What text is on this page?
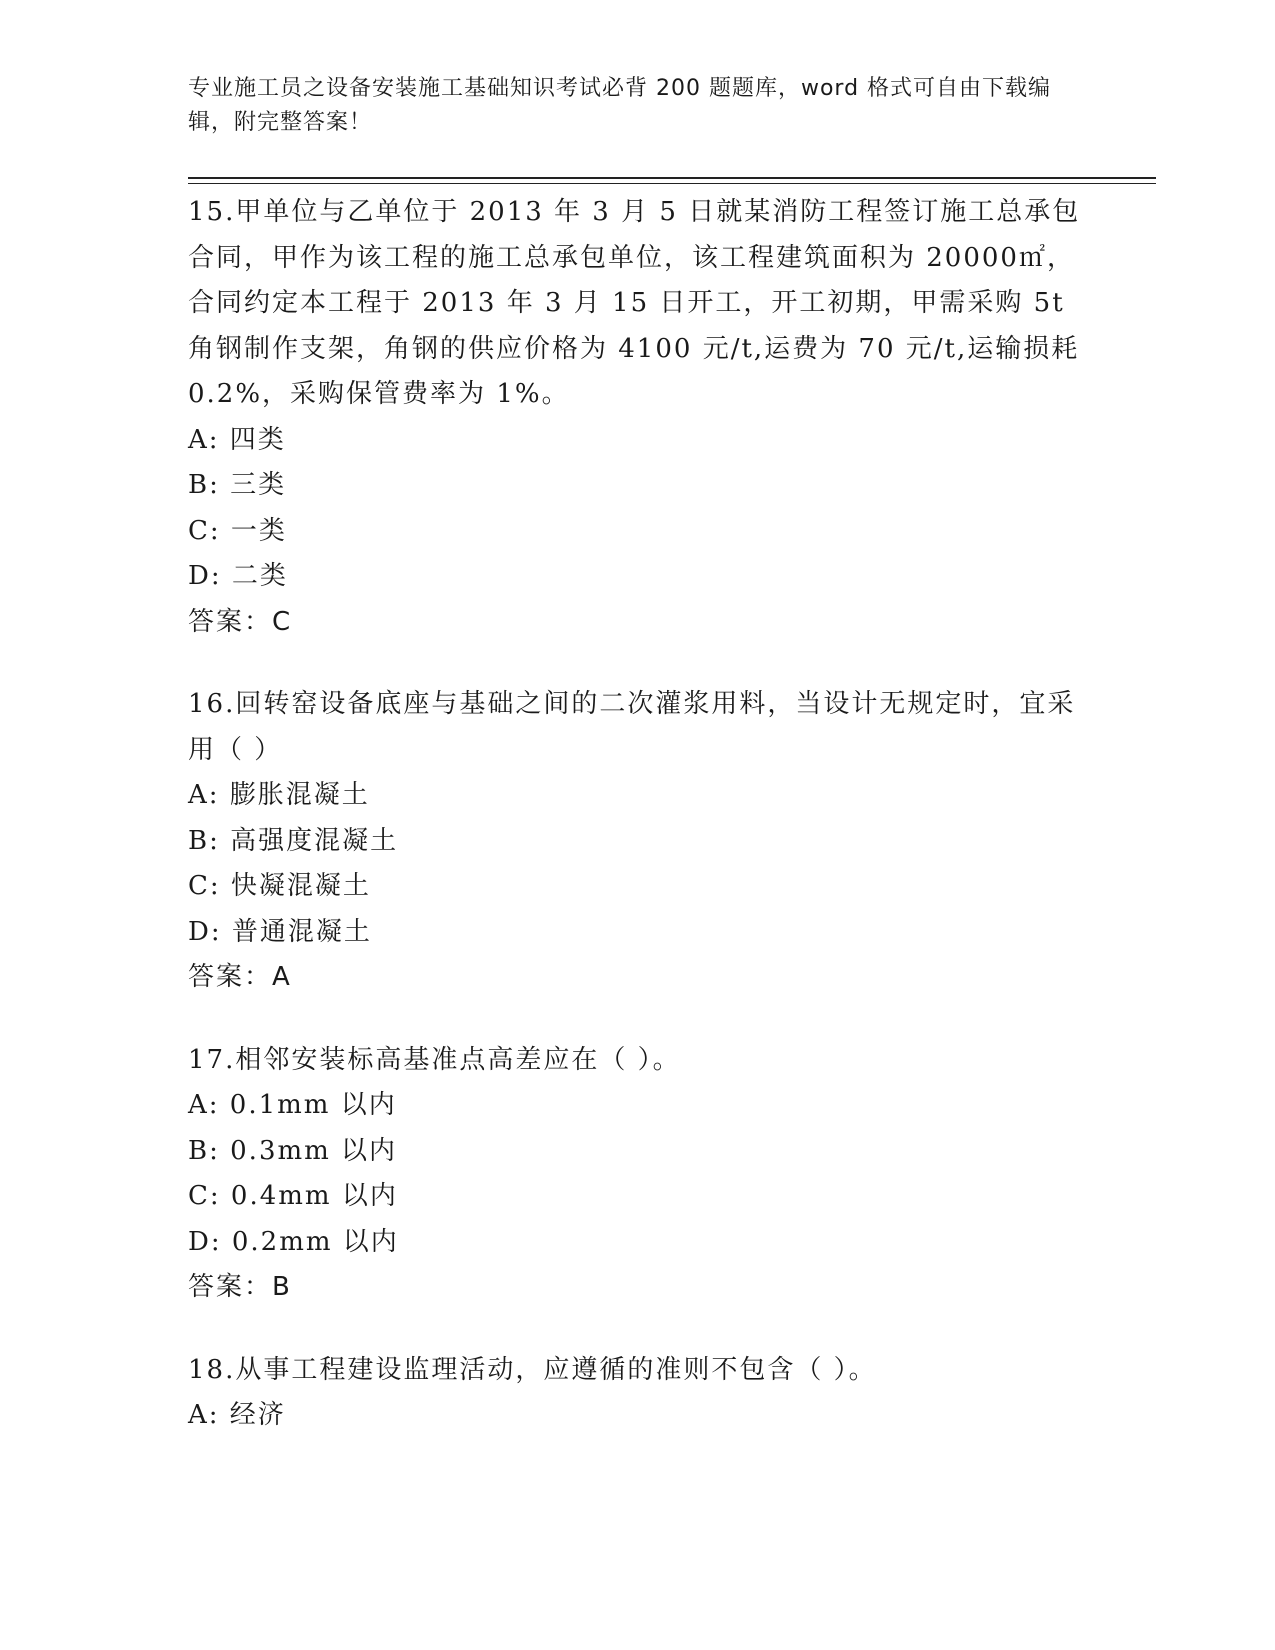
专业施工员之设备安装施工基础知识考试必背 200 题题库，word 格式可自由下载编辑，附完整答案！
15.甲单位与乙单位于 2013 年 3 月 5 日就某消防工程签订施工总承包合同，甲作为该工程的施工总承包单位，该工程建筑面积为 20000㎡，合同约定本工程于 2013 年 3 月 15 日开工，开工初期，甲需采购 5t 角钢制作支架，角钢的供应价格为 4100 元/t,运费为 70 元/t,运输损耗 0.2%，采购保管费率为 1%。
A: 四类
B: 三类
C: 一类
D: 二类
答案：C
16.回转窑设备底座与基础之间的二次灌浆用料，当设计无规定时，宜采用（ ）
A: 膨胀混凝土
B: 高强度混凝土
C: 快凝混凝土
D: 普通混凝土
答案：A
17.相邻安装标高基准点高差应在（ ）。
A: 0.1mm 以内
B: 0.3mm 以内
C: 0.4mm 以内
D: 0.2mm 以内
答案：B
18.从事工程建设监理活动，应遵循的准则不包含（ ）。
A: 经济
